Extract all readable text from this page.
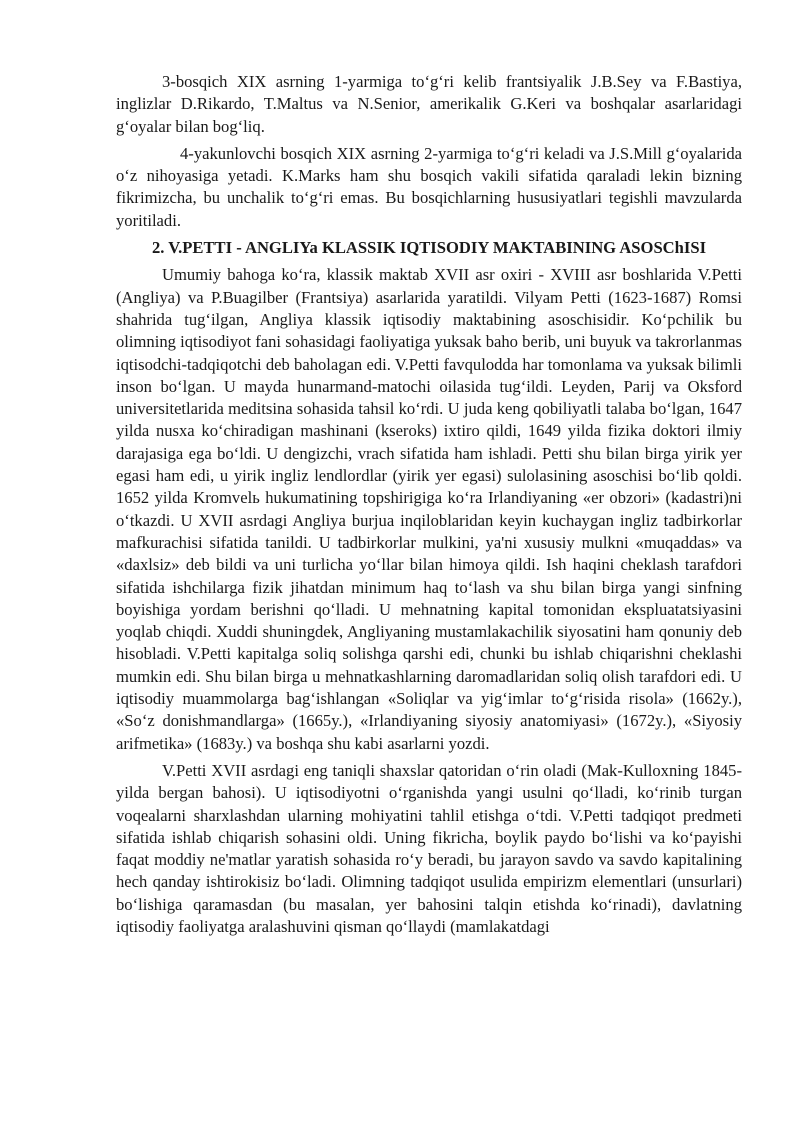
3-bosqich XIX asrning 1-yarmiga to‘g‘ri kelib frantsiyalik J.B.Sey va F.Bastiya, inglizlar D.Rikardo, T.Maltus va N.Senior, amerikalik G.Keri va boshqalar asarlaridagi g‘oyalar bilan bog‘liq.

4-yakunlovchi bosqich XIX asrning 2-yarmiga to‘g‘ri keladi va J.S.Mill g‘oyalarida o‘z nihoyasiga yetadi. K.Marks ham shu bosqich vakili sifatida qaraladi lekin bizning fikrimizcha, bu unchalik to‘g‘ri emas. Bu bosqichlarning hususiyatlari tegishli mavzularda yoritiladi.

2. V.PETTI - ANGLIYa KLASSIK IQTISODIY MAKTABINING ASOSChISI

Umumiy bahoga ko‘ra, klassik maktab XVII asr oxiri - XVIII asr boshlarida V.Petti (Angliya) va P.Buagilber (Frantsiya) asarlarida yaratildi. Vilyam Petti (1623-1687) Romsi shahrida tug‘ilgan, Angliya klassik iqtisodiy maktabining asoschisidir. Ko‘pchilik bu olimning iqtisodiyot fani sohasidagi faoliyatiga yuksak baho berib, uni buyuk va takrorlanmas iqtisodchi-tadqiqotchi deb baholagan edi. V.Petti favqulodda har tomonlama va yuksak bilimli inson bo‘lgan. U mayda hunarmand-matochi oilasida tug‘ildi. Leyden, Parij va Oksford universitetlarida meditsina sohasida tahsil ko‘rdi. U juda keng qobiliyatli talaba bo‘lgan, 1647 yilda nusxa ko‘chiradigan mashinani (kseroks) ixtiro qildi, 1649 yilda fizika doktori ilmiy darajasiga ega bo‘ldi. U dengizchi, vrach sifatida ham ishladi. Petti shu bilan birga yirik yer egasi ham edi, u yirik ingliz lendlordlar (yirik yer egasi) sulolasining asoschisi bo‘lib qoldi. 1652 yilda Kromvelь hukumatining topshirigiga ko‘ra Irlandiyaning «er obzori» (kadastri)ni o‘tkazdi. U XVII asrdagi Angliya burjua inqiloblaridan keyin kuchaygan ingliz tadbirkorlar mafkurachisi sifatida tanildi. U tadbirkorlar mulkini, ya'ni xususiy mulkni «muqaddas» va «daxlsiz» deb bildi va uni turlicha yo‘llar bilan himoya qildi. Ish haqini cheklash tarafdori sifatida ishchilarga fizik jihatdan minimum haq to‘lash va shu bilan birga yangi sinfning boyishiga yordam berishni qo‘lladi. U mehnatning kapital tomonidan ekspluatatsiyasini yoqlab chiqdi. Xuddi shuningdek, Angliyaning mustamlakachilik siyosatini ham qonuniy deb hisobladi. V.Petti kapitalga soliq solishga qarshi edi, chunki bu ishlab chiqarishni cheklashi mumkin edi. Shu bilan birga u mehnatkashlarning daromadlaridan soliq olish tarafdori edi. U iqtisodiy muammolarga bag‘ishlangan «Soliqlar va yig‘imlar to‘g‘risida risola» (1662y.), «So‘z donishmandlarga» (1665y.), «Irlandiyaning siyosiy anatomiyasi» (1672y.), «Siyosiy arifmetika» (1683y.) va boshqa shu kabi asarlarni yozdi.

V.Petti XVII asrdagi eng taniqli shaxslar qatoridan o‘rin oladi (Mak-Kulloxning 1845-yilda bergan bahosi). U iqtisodiyotni o‘rganishda yangi usulni qo‘lladi, ko‘rinib turgan voqealarni sharxlashdan ularning mohiyatini tahlil etishga o‘tdi. V.Petti tadqiqot predmeti sifatida ishlab chiqarish sohasini oldi. Uning fikricha, boylik paydo bo‘lishi va ko‘payishi faqat moddiy ne'matlar yaratish sohasida ro‘y beradi, bu jarayon savdo va savdo kapitalining hech qanday ishtirokisiz bo‘ladi. Olimning tadqiqot usulida empirizm elementlari (unsurlari) bo‘lishiga qaramasdan (bu masalan, yer bahosini talqin etishda ko‘rinadi), davlatning iqtisodiy faoliyatga aralashuvini qisman qo‘llaydi (mamlakatdagi
